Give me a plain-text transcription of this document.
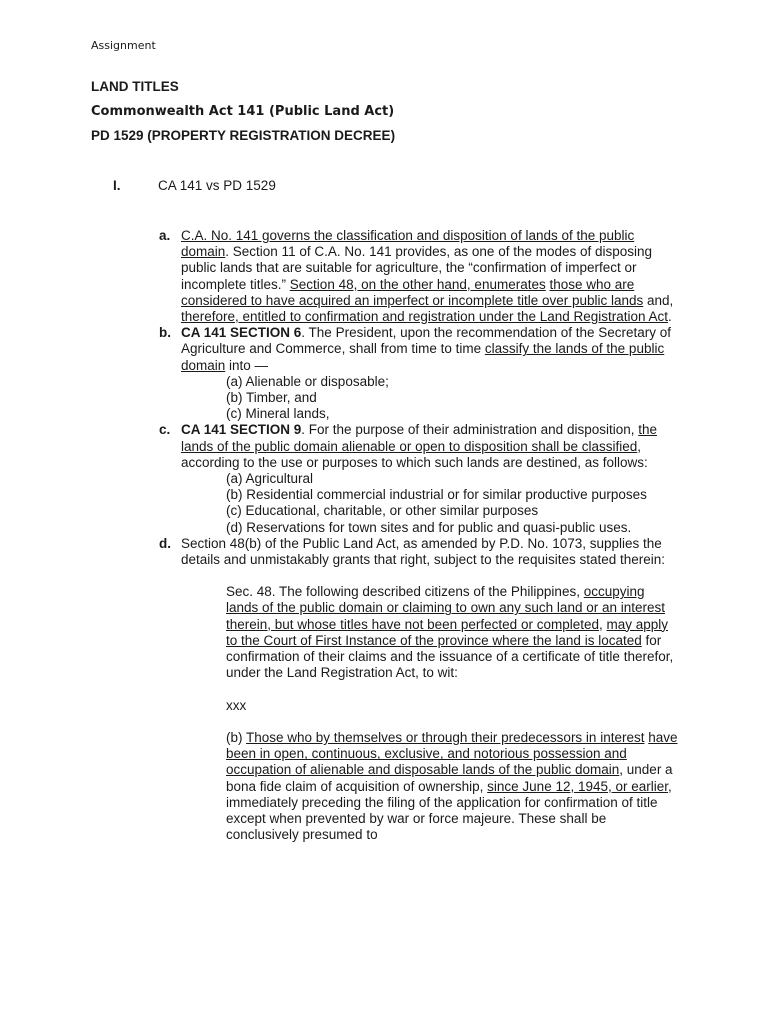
Assignment
LAND TITLES
Commonwealth Act 141 (Public Land Act)
PD 1529 (PROPERTY REGISTRATION DECREE)
I.	CA 141 vs PD 1529
a. C.A. No. 141 governs the classification and disposition of lands of the public domain. Section 11 of C.A. No. 141 provides, as one of the modes of disposing public lands that are suitable for agriculture, the “confirmation of imperfect or incomplete titles.” Section 48, on the other hand, enumerates those who are considered to have acquired an imperfect or incomplete title over public lands and, therefore, entitled to confirmation and registration under the Land Registration Act.
b. CA 141 SECTION 6. The President, upon the recommendation of the Secretary of Agriculture and Commerce, shall from time to time classify the lands of the public domain into —
(a) Alienable or disposable;
(b) Timber, and
(c) Mineral lands,
c. CA 141 SECTION 9. For the purpose of their administration and disposition, the lands of the public domain alienable or open to disposition shall be classified, according to the use or purposes to which such lands are destined, as follows:
(a) Agricultural
(b) Residential commercial industrial or for similar productive purposes
(c) Educational, charitable, or other similar purposes
(d) Reservations for town sites and for public and quasi-public uses.
d. Section 48(b) of the Public Land Act, as amended by P.D. No. 1073, supplies the details and unmistakably grants that right, subject to the requisites stated therein:

Sec. 48. The following described citizens of the Philippines, occupying lands of the public domain or claiming to own any such land or an interest therein, but whose titles have not been perfected or completed, may apply to the Court of First Instance of the province where the land is located for confirmation of their claims and the issuance of a certificate of title therefor, under the Land Registration Act, to wit:

xxx

(b) Those who by themselves or through their predecessors in interest have been in open, continuous, exclusive, and notorious possession and occupation of alienable and disposable lands of the public domain, under a bona fide claim of acquisition of ownership, since June 12, 1945, or earlier, immediately preceding the filing of the application for confirmation of title except when prevented by war or force majeure. These shall be conclusively presumed to
